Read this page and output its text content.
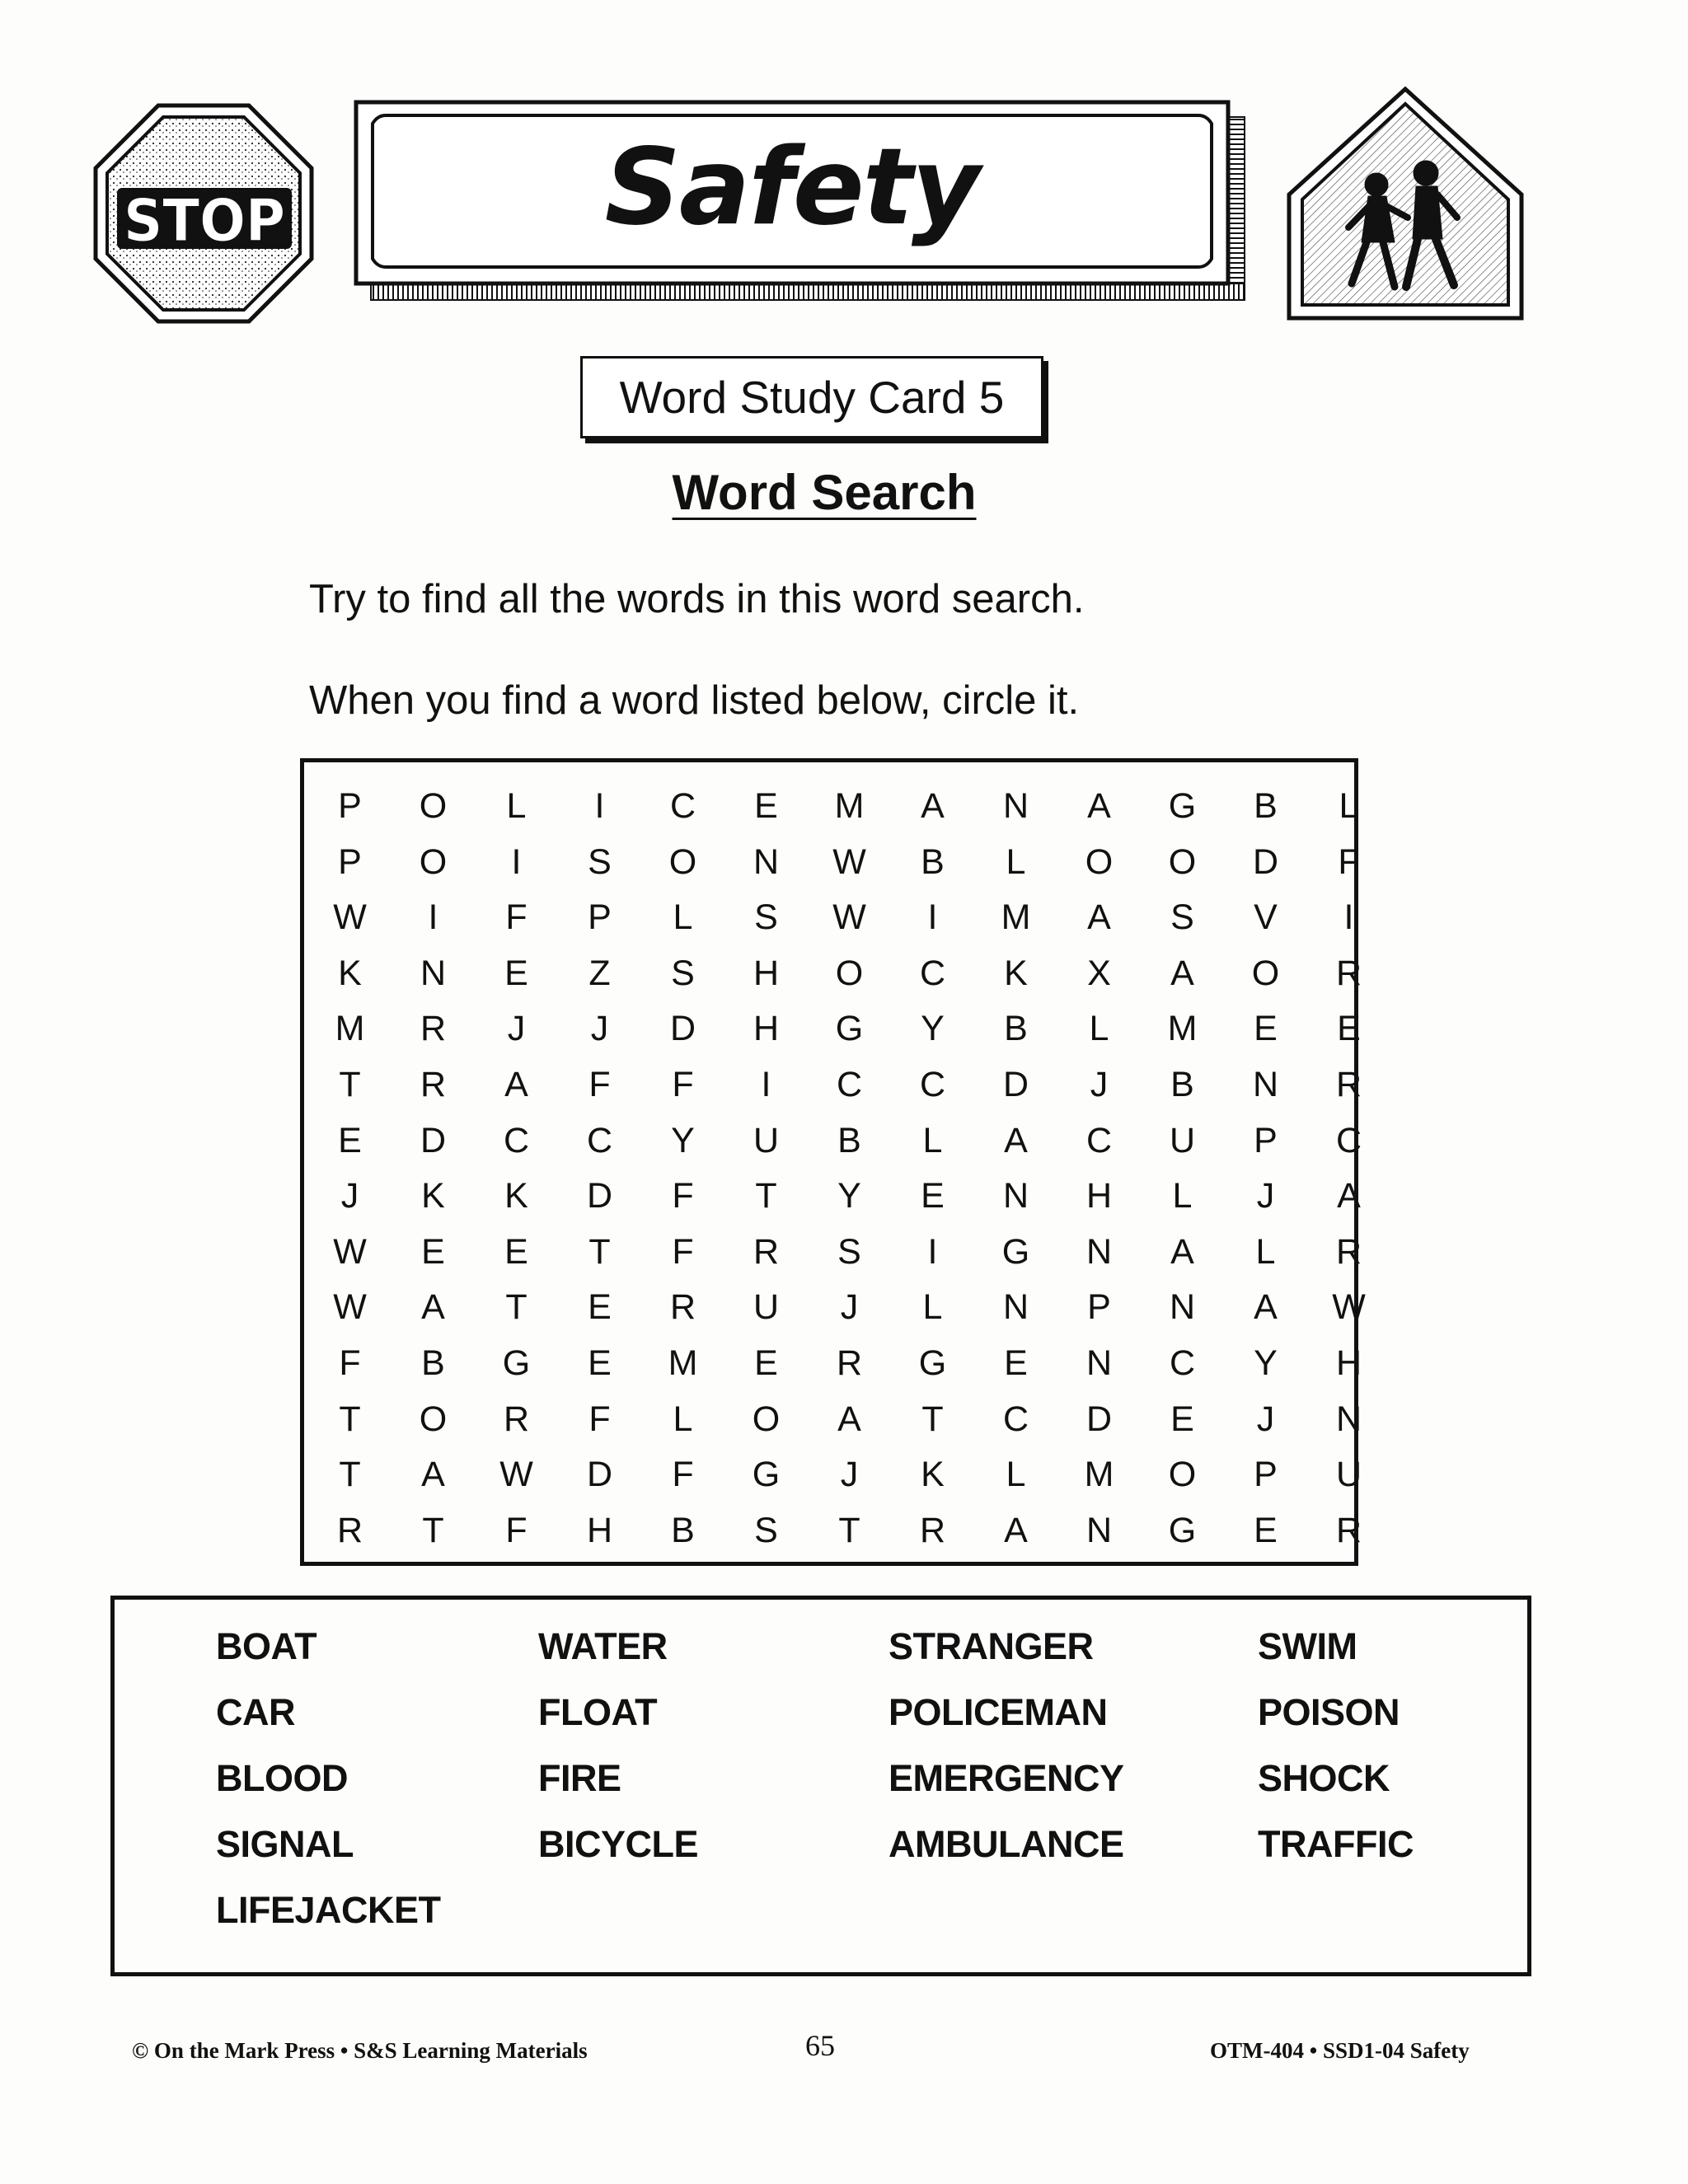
STOP	Safety
Word Study Card 5
Word Search
Try to find all the words in this word search.
When you find a word listed below, circle it.
P	O	L	I	C	E	M	A	N	A	G	B	L
P	O	I	S	O	N	W	B	L	O	O	D	F
W	I	F	P	L	S	W	I	M	A	S	V	I
K	N	E	Z	S	H	O	C	K	X	A	O	R
M	R	J	J	D	H	G	Y	B	L	M	E	E
T	R	A	F	F	I	C	C	D	J	B	N	R
E	D	C	C	Y	U	B	L	A	C	U	P	C
J	K	K	D	F	T	Y	E	N	H	L	J	A
W	E	E	T	F	R	S	I	G	N	A	L	R
W	A	T	E	R	U	J	L	N	P	N	A	W
F	B	G	E	M	E	R	G	E	N	C	Y	H
T	O	R	F	L	O	A	T	C	D	E	J	N
T	A	W	D	F	G	J	K	L	M	O	P	U
R	T	F	H	B	S	T	R	A	N	G	E	R
BOAT	WATER	STRANGER	SWIM
CAR	FLOAT	POLICEMAN	POISON
BLOOD	FIRE	EMERGENCY	SHOCK
SIGNAL	BICYCLE	AMBULANCE	TRAFFIC
LIFEJACKET
© On the Mark Press • S&S Learning Materials	65	OTM-404 • SSD1-04 Safety
